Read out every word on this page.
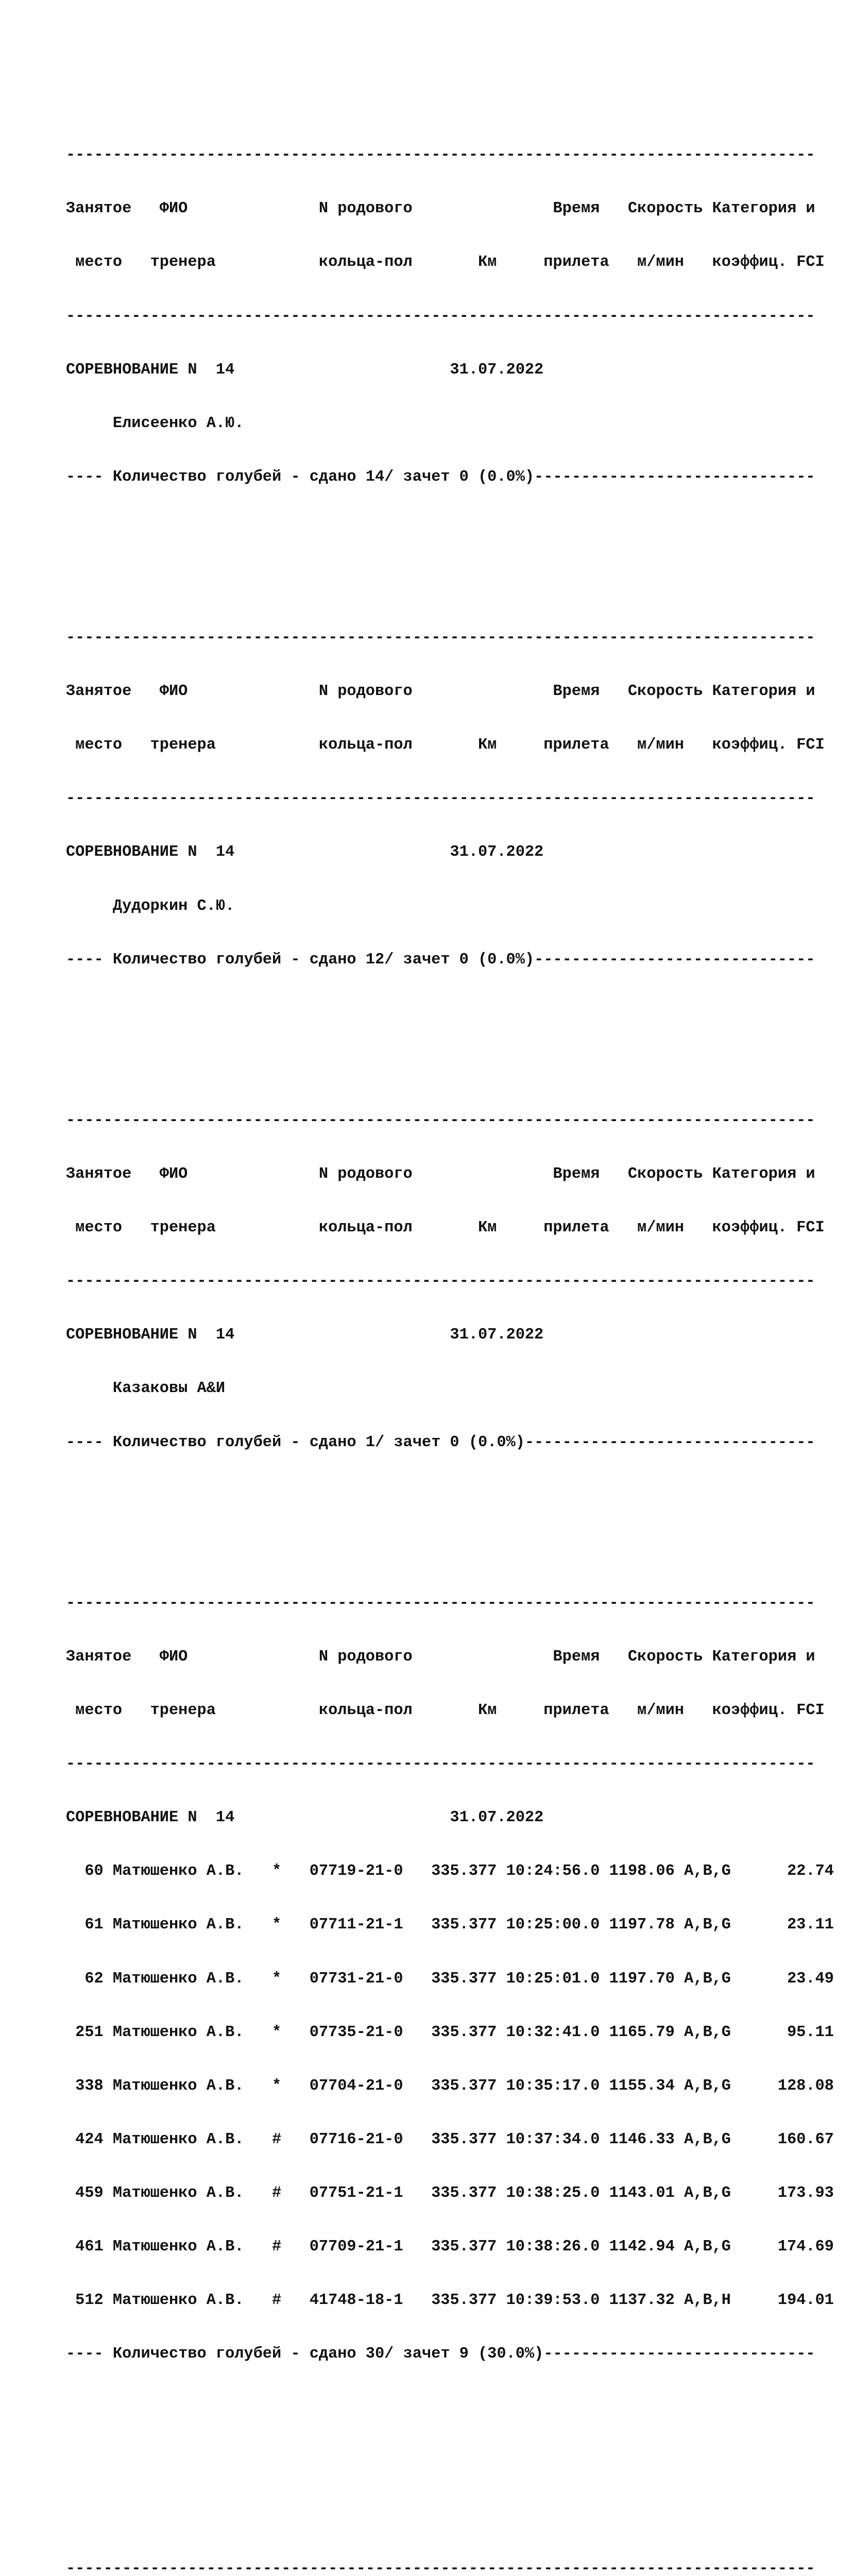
--------------------------------------------------------------------------------

Занятое   ФИО              N родового               Время   Скорость Категория и

место   тренера           кольца-пол       Км     прилета   м/мин   коэффиц. FCI

--------------------------------------------------------------------------------

СОРЕВНОВАНИЕ N  14                       31.07.2022

Елисеенко А.Ю.

---- Количество голубей - сдано 14/ зачет 0 (0.0%)------------------------------

--------------------------------------------------------------------------------

Занятое   ФИО              N родового               Время   Скорость Категория и

место   тренера           кольца-пол       Км     прилета   м/мин   коэффиц. FCI

--------------------------------------------------------------------------------

СОРЕВНОВАНИЕ N  14                       31.07.2022

Дудоркин С.Ю.

---- Количество голубей - сдано 12/ зачет 0 (0.0%)------------------------------

--------------------------------------------------------------------------------

Занятое   ФИО              N родового               Время   Скорость Категория и

место   тренера           кольца-пол       Км     прилета   м/мин   коэффиц. FCI

--------------------------------------------------------------------------------

СОРЕВНОВАНИЕ N  14                       31.07.2022

Казаковы А&И

---- Количество голубей - сдано 1/ зачет 0 (0.0%)-------------------------------

--------------------------------------------------------------------------------

Занятое   ФИО              N родового               Время   Скорость Категория и

место   тренера           кольца-пол       Км     прилета   м/мин   коэффиц. FCI

--------------------------------------------------------------------------------

СОРЕВНОВАНИЕ N  14                       31.07.2022

60 Матюшенко А.В.   *   07719-21-0   335.377 10:24:56.0 1198.06 A,B,G      22.74

61 Матюшенко А.В.   *   07711-21-1   335.377 10:25:00.0 1197.78 A,B,G      23.11

62 Матюшенко А.В.   *   07731-21-0   335.377 10:25:01.0 1197.70 A,B,G      23.49

251 Матюшенко А.В.   *   07735-21-0   335.377 10:32:41.0 1165.79 A,B,G      95.11

338 Матюшенко А.В.   *   07704-21-0   335.377 10:35:17.0 1155.34 A,B,G     128.08

424 Матюшенко А.В.   #   07716-21-0   335.377 10:37:34.0 1146.33 A,B,G     160.67

459 Матюшенко А.В.   #   07751-21-1   335.377 10:38:25.0 1143.01 A,B,G     173.93

461 Матюшенко А.В.   #   07709-21-1   335.377 10:38:26.0 1142.94 A,B,G     174.69

512 Матюшенко А.В.   #   41748-18-1   335.377 10:39:53.0 1137.32 A,B,H     194.01

---- Количество голубей - сдано 30/ зачет 9 (30.0%)-----------------------------

--------------------------------------------------------------------------------
